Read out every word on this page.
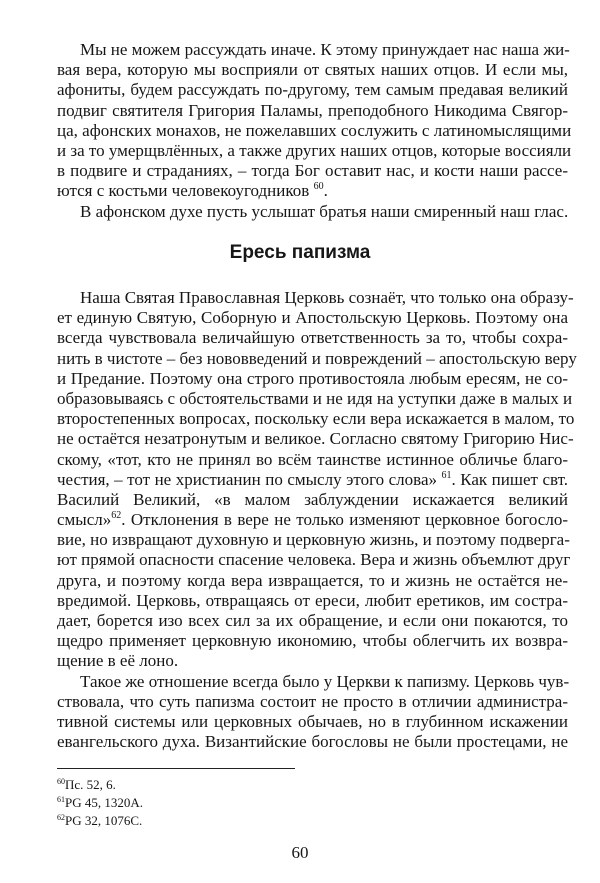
Мы не можем рассуждать иначе. К этому принуждает нас наша жи-
вая вера, которую мы восприяли от святых наших отцов. И если мы,
афониты, будем рассуждать по-другому, тем самым предавая великий
подвиг святителя Григория Паламы, преподобного Никодима Свягор-
ца, афонских монахов, не пожелавших сослужить с латиномыслящими
и за то умерщвлённых, а также других наших отцов, которые воссияли
в подвиге и страданиях, – тогда Бог оставит нас, и кости наши рассе-
ются с костьми человекоугодников $^{60}$.
В афонском духе пусть услышат братья наши смиренный наш глас.
Ересь папизма
Наша Святая Православная Церковь сознаёт, что только она образу-
ет единую Святую, Соборную и Апостольскую Церковь. Поэтому она
всегда чувствовала величайшую ответственность за то, чтобы сохра-
нить в чистоте – без нововведений и повреждений – апостольскую веру
и Предание. Поэтому она строго противостояла любым ересям, не со-
образовываясь с обстоятельствами и не идя на уступки даже в малых и
второстепенных вопросах, поскольку если вера искажается в малом, то
не остаётся незатронутым и великое. Согласно святому Григорию Нис-
скому, «тот, кто не принял во всём таинстве истинное обличье благо-
честия, – тот не христианин по смыслу этого слова» $^{61}$. Как пишет свт.
Василий Великий, «в малом заблуждении искажается великий
смысл»$^{62}$. Отклонения в вере не только изменяют церковное богосло-
вие, но извращают духовную и церковную жизнь, и поэтому подверга-
ют прямой опасности спасение человека. Вера и жизнь объемлют друг
друга, и поэтому когда вера извращается, то и жизнь не остаётся не-
вредимой. Церковь, отвращаясь от ереси, любит еретиков, им состра-
дает, борется изо всех сил за их обращение, и если они покаются, то
щедро применяет церковную икономию, чтобы облегчить их возвра-
щение в её лоно.
Такое же отношение всегда было у Церкви к папизму. Церковь чув-
ствовала, что суть папизма состоит не просто в отличии администра-
тивной системы или церковных обычаев, но в глубинном искажении
евангельского духа. Византийские богословы не были простецами, не
$^{60}$Пс. 52, 6.
$^{61}$PG 45, 1320A.
$^{62}$PG 32, 1076C.
60
